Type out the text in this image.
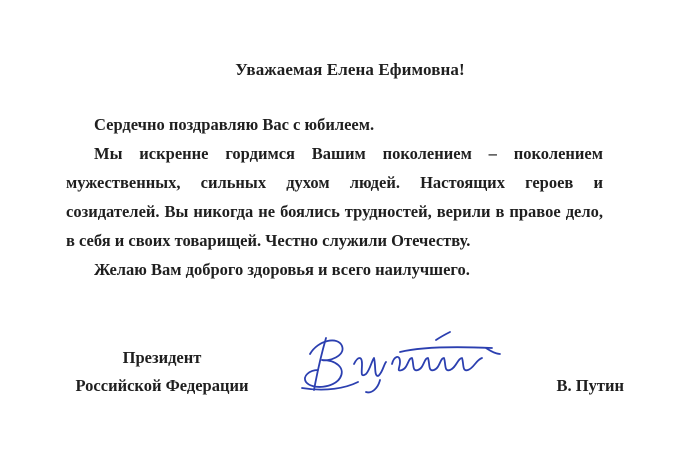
Уважаемая Елена Ефимовна!

Сердечно поздравляю Вас с юбилеем.

Мы искренне гордимся Вашим поколением – поколением мужественных, сильных духом людей. Настоящих героев и созидателей. Вы никогда не боялись трудностей, верили в правое дело, в себя и своих товарищей. Честно служили Отечеству.

Желаю Вам доброго здоровья и всего наилучшего.

Президент
Российской Федерации	В. Путин
